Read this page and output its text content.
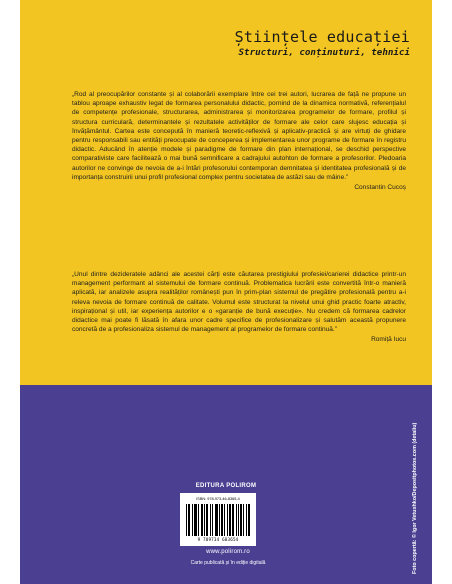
Științele educației
Structuri, conținuturi, tehnici
„Rod al preocupărilor constante și al colaborării exemplare între cei trei autori, lucrarea de față ne propune un tablou aproape exhaustiv legat de formarea personalului didactic, pornind de la dinamica normativă, referențialul de competențe profesionale, structurarea, administrarea și monitorizarea programelor de formare, profilul și structura curriculară, determinantele și rezultatele activităților de formare ale celor care slujesc educația și învățământul. Cartea este concepută în manieră teoretic-reflexivă și aplicativ-practică și are virtuți de ghidare pentru responsabili sau entități preocupate de conceperea și implementarea unor programe de formare în registru didactic. Aducând în atenție modele și paradigme de formare din plan internațional, se deschid perspective comparativiste care facilitează o mai bună semnificare a cadrajului autohton de formare a profesorilor. Pledoaria autorilor ne convinge de nevoia de a-i întări profesorului contemporan demnitatea și identitatea profesională și de importanța construirii unui profil profesional complex pentru societatea de astăzi sau de mâine.”
Constantin Cucoș
„Unul dintre dezideratele adânci ale acestei cărți este căutarea prestigiului profesiei/carierei didactice printr-un management performant al sistemului de formare continuă. Problematica lucrării este convertită într-o manieră aplicată, iar analizele asupra realităților românești pun în prim-plan sistemul de pregătire profesională pentru a-i releva nevoia de formare continuă de calitate. Volumul este structurat la nivelul unui ghid practic foarte atractiv, inspirațional și util, iar experiența autorilor e o «garanție de bună execuție». Nu credem că formarea cadrelor didactice mai poate fi lăsată în afara unor cadre specifice de profesionalizare și salutăm această propunere concretă de a profesionaliza sistemul de management al programelor de formare continuă.”
Romiță Iucu
EDITURA POLIROM
ISBN: 978-973-46-8365-4
9 789734 683654
www.polirom.ro
Carte publicată și în ediție digitală	Foto copertă: © Igor Vetushko/Depositphotos.com (detaliu)
